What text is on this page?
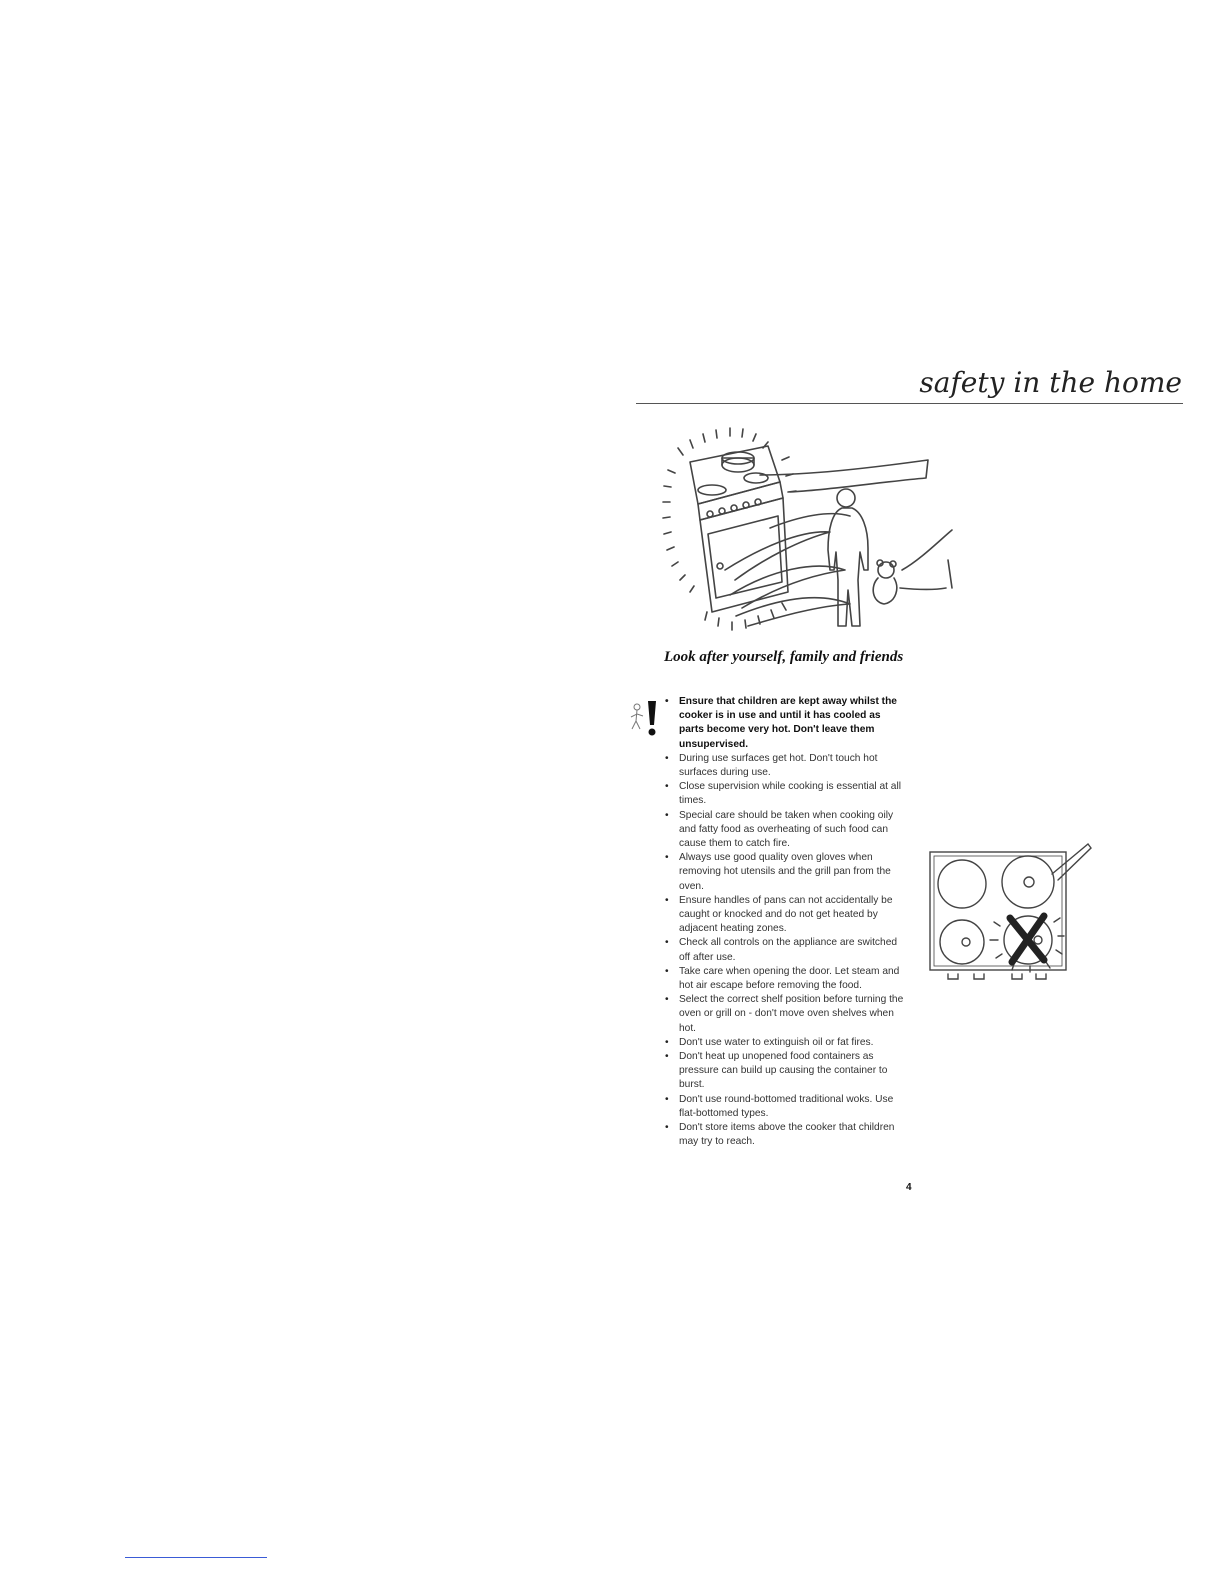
safety in the home
Look after yourself, family and friends
• Ensure that children are kept away whilst the cooker is in use and until it has cooled as parts become very hot. Don't leave them unsupervised.
• During use surfaces get hot. Don't touch hot surfaces during use.
• Close supervision while cooking is essential at all times.
• Special care should be taken when cooking oily and fatty food as overheating of such food can cause them to catch fire.
• Always use good quality oven gloves when removing hot utensils and the grill pan from the oven.
• Ensure handles of pans can not accidentally be caught or knocked and do not get heated by adjacent heating zones.
• Check all controls on the appliance are switched off after use.
• Take care when opening the door. Let steam and hot air escape before removing the food.
• Select the correct shelf position before turning the oven or grill on - don't move oven shelves when hot.
• Don't use water to extinguish oil or fat fires.
• Don't heat up unopened food containers as pressure can build up causing the container to burst.
• Don't use round-bottomed traditional woks. Use flat-bottomed types.
• Don't store items above the cooker that children may try to reach.
4
